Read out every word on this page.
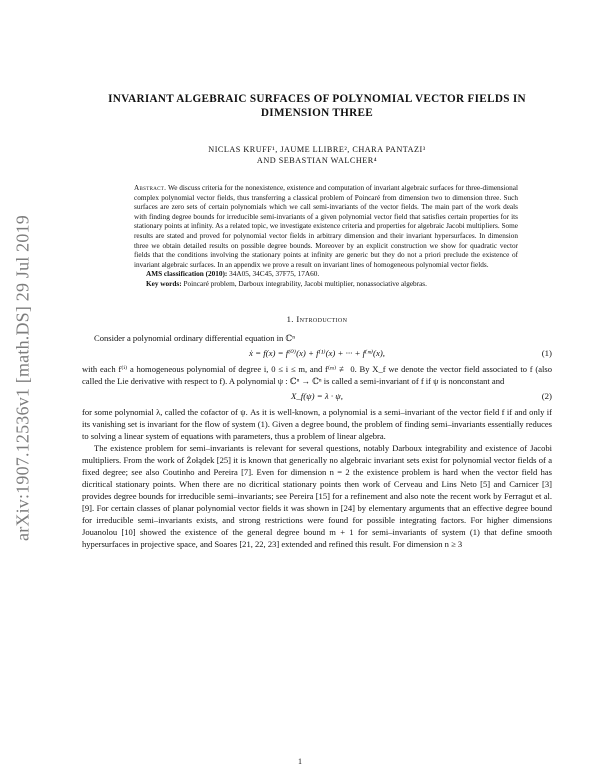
arXiv:1907.12536v1 [math.DS] 29 Jul 2019
INVARIANT ALGEBRAIC SURFACES OF POLYNOMIAL VECTOR FIELDS IN DIMENSION THREE
NICLAS KRUFF¹, JAUME LLIBRE², CHARA PANTAZI³
AND SEBASTIAN WALCHER⁴
Abstract. We discuss criteria for the nonexistence, existence and computation of invariant algebraic surfaces for three-dimensional complex polynomial vector fields, thus transferring a classical problem of Poincaré from dimension two to dimension three. Such surfaces are zero sets of certain polynomials which we call semi-invariants of the vector fields. The main part of the work deals with finding degree bounds for irreducible semi-invariants of a given polynomial vector field that satisfies certain properties for its stationary points at infinity. As a related topic, we investigate existence criteria and properties for algebraic Jacobi multipliers. Some results are stated and proved for polynomial vector fields in arbitrary dimension and their invariant hypersurfaces. In dimension three we obtain detailed results on possible degree bounds. Moreover by an explicit construction we show for quadratic vector fields that the conditions involving the stationary points at infinity are generic but they do not a priori preclude the existence of invariant algebraic surfaces. In an appendix we prove a result on invariant lines of homogeneous polynomial vector fields.
AMS classification (2010): 34A05, 34C45, 37F75, 17A60.
Key words: Poincaré problem, Darboux integrability, Jacobi multiplier, nonassociative algebras.
1. Introduction

Consider a polynomial ordinary differential equation in ℂⁿ

ẋ = f(x) = f⁽⁰⁾(x) + f⁽¹⁾(x) + ··· + f⁽ᵐ⁾(x),	(1)

with each f⁽ⁱ⁾ a homogeneous polynomial of degree i, 0 ≤ i ≤ m, and f⁽ᵐ⁾ ≢ 0. By X_f we denote the vector field associated to f (also called the Lie derivative with respect to f). A polynomial ψ : ℂⁿ → ℂⁿ is called a semi-invariant of f if ψ is nonconstant and

X_f(ψ) = λ · ψ,	(2)

for some polynomial λ, called the cofactor of ψ. As it is well-known, a polynomial is a semi–invariant of the vector field f if and only if its vanishing set is invariant for the flow of system (1). Given a degree bound, the problem of finding semi–invariants essentially reduces to solving a linear system of equations with parameters, thus a problem of linear algebra.

The existence problem for semi–invariants is relevant for several questions, notably Darboux integrability and existence of Jacobi multipliers. From the work of Żołądek [25] it is known that generically no algebraic invariant sets exist for polynomial vector fields of a fixed degree; see also Coutinho and Pereira [7]. Even for dimension n = 2 the existence problem is hard when the vector field has dicritical stationary points. When there are no dicritical stationary points then work of Cerveau and Lins Neto [5] and Carnicer [3] provides degree bounds for irreducible semi–invariants; see Pereira [15] for a refinement and also note the recent work by Ferragut et al. [9]. For certain classes of planar polynomial vector fields it was shown in [24] by elementary arguments that an effective degree bound for irreducible semi–invariants exists, and strong restrictions were found for possible integrating factors. For higher dimensions Jouanolou [10] showed the existence of the general degree bound m + 1 for semi–invariants of system (1) that define smooth hypersurfaces in projective space, and Soares [21, 22, 23] extended and refined this result. For dimension n ≥ 3

1
